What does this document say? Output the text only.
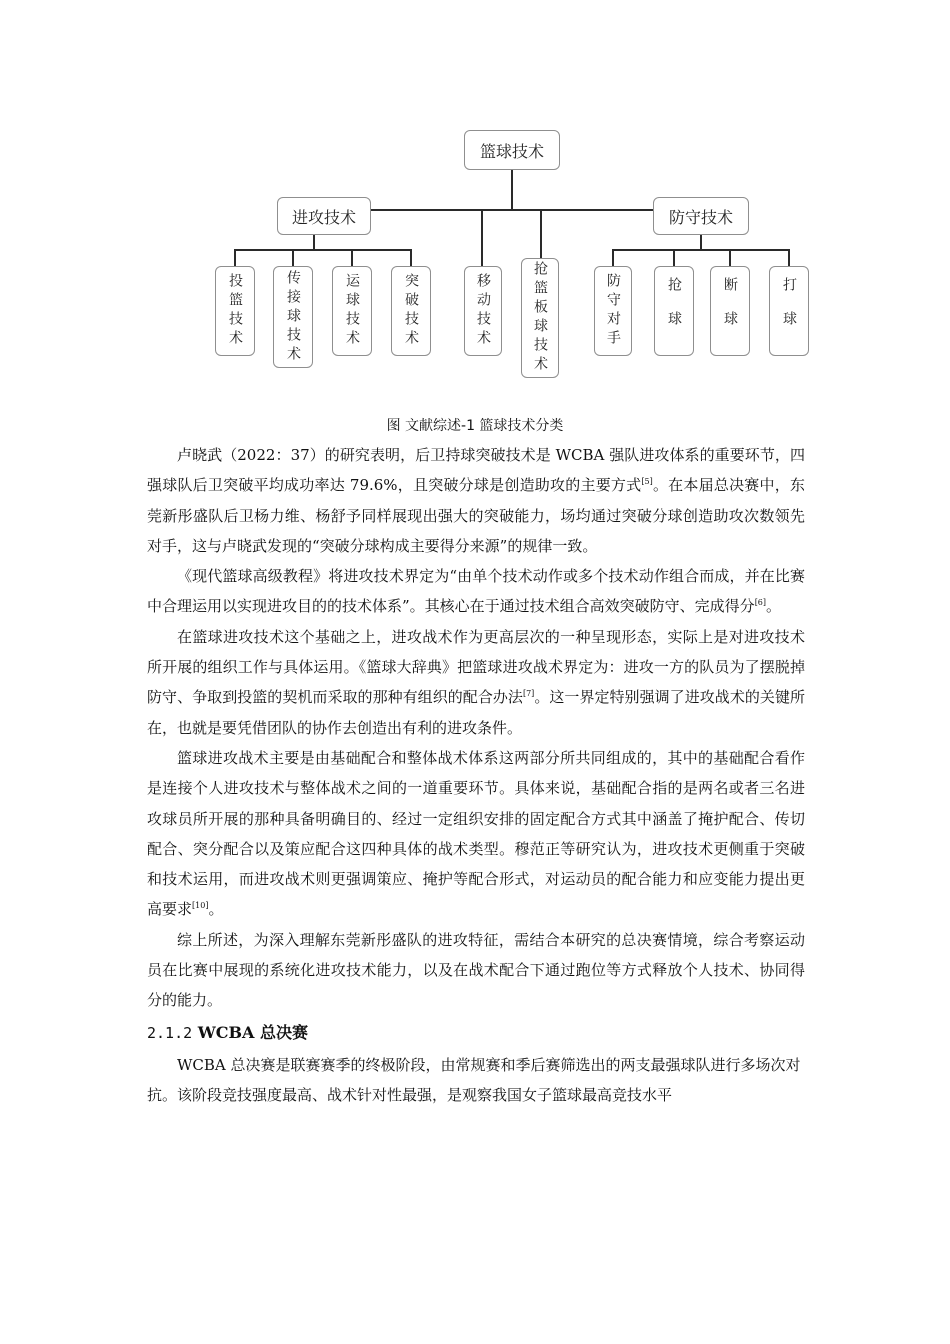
篮球技术
进攻技术	防守技术
投篮技术	传接球技术	运球技术	突破技术	移动技术	抢篮板球技术	防守对手	抢球	断球	打球
图 文献综述-1 篮球技术分类

卢晓武（2022：37）的研究表明，后卫持球突破技术是 WCBA 强队进攻体系的重要环节，四强球队后卫突破平均成功率达 79.6%，且突破分球是创造助攻的主要方式[5]。在本届总决赛中，东莞新彤盛队后卫杨力维、杨舒予同样展现出强大的突破能力，场均通过突破分球创造助攻次数领先对手，这与卢晓武发现的“突破分球构成主要得分来源”的规律一致。

《现代篮球高级教程》将进攻技术界定为“由单个技术动作或多个技术动作组合而成，并在比赛中合理运用以实现进攻目的的技术体系”。其核心在于通过技术组合高效突破防守、完成得分[6]。

在篮球进攻技术这个基础之上，进攻战术作为更高层次的一种呈现形态，实际上是对进攻技术所开展的组织工作与具体运用。《篮球大辞典》把篮球进攻战术界定为：进攻一方的队员为了摆脱掉防守、争取到投篮的契机而采取的那种有组织的配合办法[7]。这一界定特别强调了进攻战术的关键所在，也就是要凭借团队的协作去创造出有利的进攻条件。

篮球进攻战术主要是由基础配合和整体战术体系这两部分所共同组成的，其中的基础配合看作是连接个人进攻技术与整体战术之间的一道重要环节。具体来说，基础配合指的是两名或者三名进攻球员所开展的那种具备明确目的、经过一定组织安排的固定配合方式其中涵盖了掩护配合、传切配合、突分配合以及策应配合这四种具体的战术类型。穆范正等研究认为，进攻技术更侧重于突破和技术运用，而进攻战术则更强调策应、掩护等配合形式，对运动员的配合能力和应变能力提出更高要求[10]。

综上所述，为深入理解东莞新彤盛队的进攻特征，需结合本研究的总决赛情境，综合考察运动员在比赛中展现的系统化进攻技术能力，以及在战术配合下通过跑位等方式释放个人技术、协同得分的能力。

2.1.2 WCBA 总决赛

WCBA 总决赛是联赛赛季的终极阶段，由常规赛和季后赛筛选出的两支最强球队进行多场次对抗。该阶段竞技强度最高、战术针对性最强，是观察我国女子篮球最高竞技水平
